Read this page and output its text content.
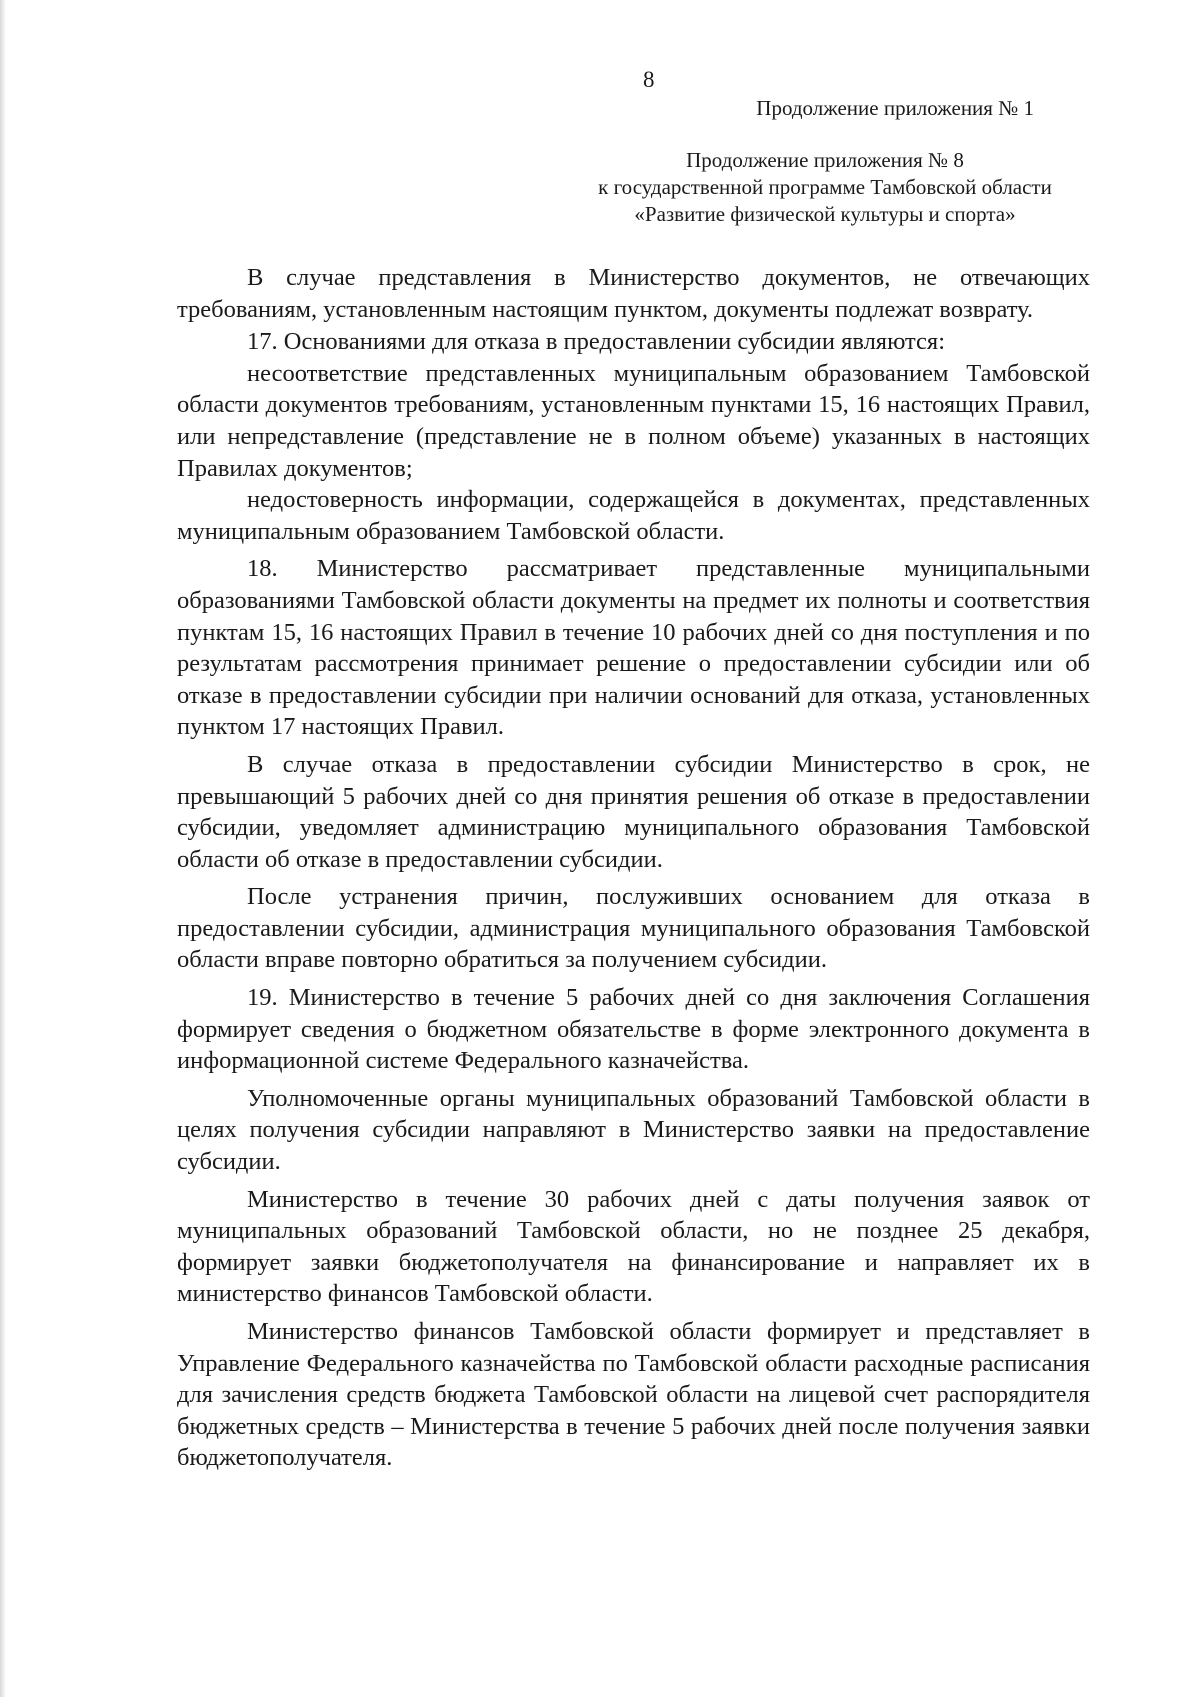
8
Продолжение приложения № 1
Продолжение приложения № 8
к государственной программе Тамбовской области
«Развитие физической культуры и спорта»

В случае представления в Министерство документов, не отвечающих требованиям, установленным настоящим пунктом, документы подлежат возврату.

17. Основаниями для отказа в предоставлении субсидии являются:

несоответствие представленных муниципальным образованием Тамбовской области документов требованиям, установленным пунктами 15, 16 настоящих Правил, или непредставление (представление не в полном объеме) указанных в настоящих Правилах документов;

недостоверность информации, содержащейся в документах, представленных муниципальным образованием Тамбовской области.

18. Министерство рассматривает представленные муниципальными образованиями Тамбовской области документы на предмет их полноты и соответствия пунктам 15, 16 настоящих Правил в течение 10 рабочих дней со дня поступления и по результатам рассмотрения принимает решение о предоставлении субсидии или об отказе в предоставлении субсидии при наличии оснований для отказа, установленных пунктом 17 настоящих Правил.

В случае отказа в предоставлении субсидии Министерство в срок, не превышающий 5 рабочих дней со дня принятия решения об отказе в предоставлении субсидии, уведомляет администрацию муниципального образования Тамбовской области об отказе в предоставлении субсидии.

После устранения причин, послуживших основанием для отказа в предоставлении субсидии, администрация муниципального образования Тамбовской области вправе повторно обратиться за получением субсидии.

19. Министерство в течение 5 рабочих дней со дня заключения Соглашения формирует сведения о бюджетном обязательстве в форме электронного документа в информационной системе Федерального казначейства.

Уполномоченные органы муниципальных образований Тамбовской области в целях получения субсидии направляют в Министерство заявки на предоставление субсидии.

Министерство в течение 30 рабочих дней с даты получения заявок от муниципальных образований Тамбовской области, но не позднее 25 декабря, формирует заявки бюджетополучателя на финансирование и направляет их в министерство финансов Тамбовской области.

Министерство финансов Тамбовской области формирует и представляет в Управление Федерального казначейства по Тамбовской области расходные расписания для зачисления средств бюджета Тамбовской области на лицевой счет распорядителя бюджетных средств – Министерства в течение 5 рабочих дней после получения заявки бюджетополучателя.
